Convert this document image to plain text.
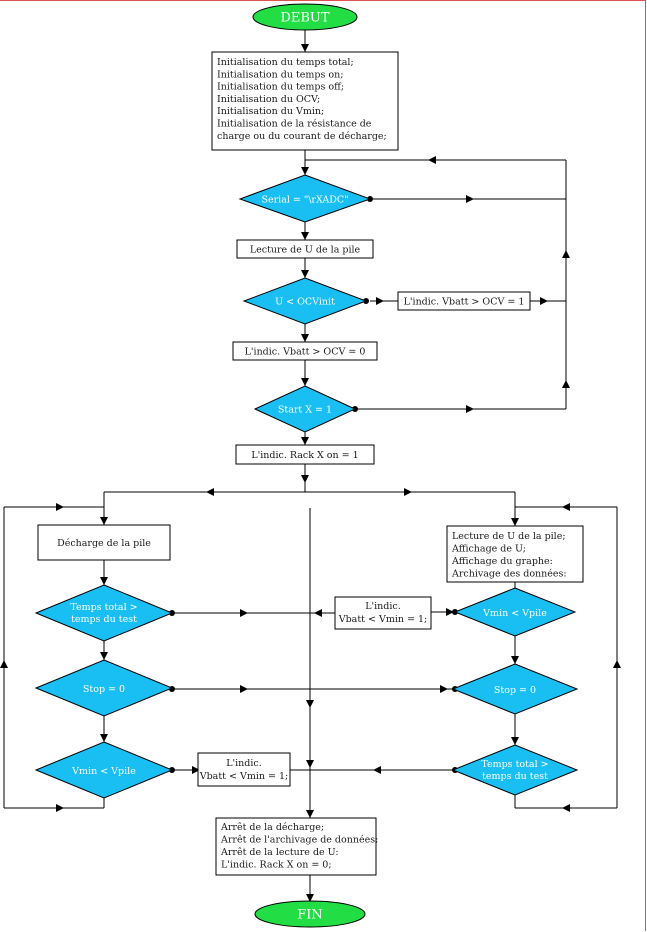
DEBUT
Initialisation du temps total; Initialisation du temps on; Initialisation du temps off; Initialisation du OCV; Initialisation du Vmin; Initialisation de la résistance de charge ou du courant de décharge;
Serial = "\rXADC"
Lecture de U de la pile
U < OCVinit	L'indic. Vbatt > OCV = 1
L'indic. Vbatt > OCV = 0
Start X = 1
L'indic. Rack X on = 1
Décharge de la pile
Temps total >
temps du test
Stop = 0
Vmin < Vpile
L'indic.
Vbatt < Vmin = 1;
Lecture de U de la pile; Affichage de U; Affichage du graphe: Archivage des données:
Vmin < Vpile
L'indic.
Vbatt < Vmin = 1;
Stop = 0
Temps total >
temps du test
Arrêt de la décharge; Arrêt de l'archivage de données; Arrêt de la lecture de U: L'indic. Rack X on = 0;
FIN
